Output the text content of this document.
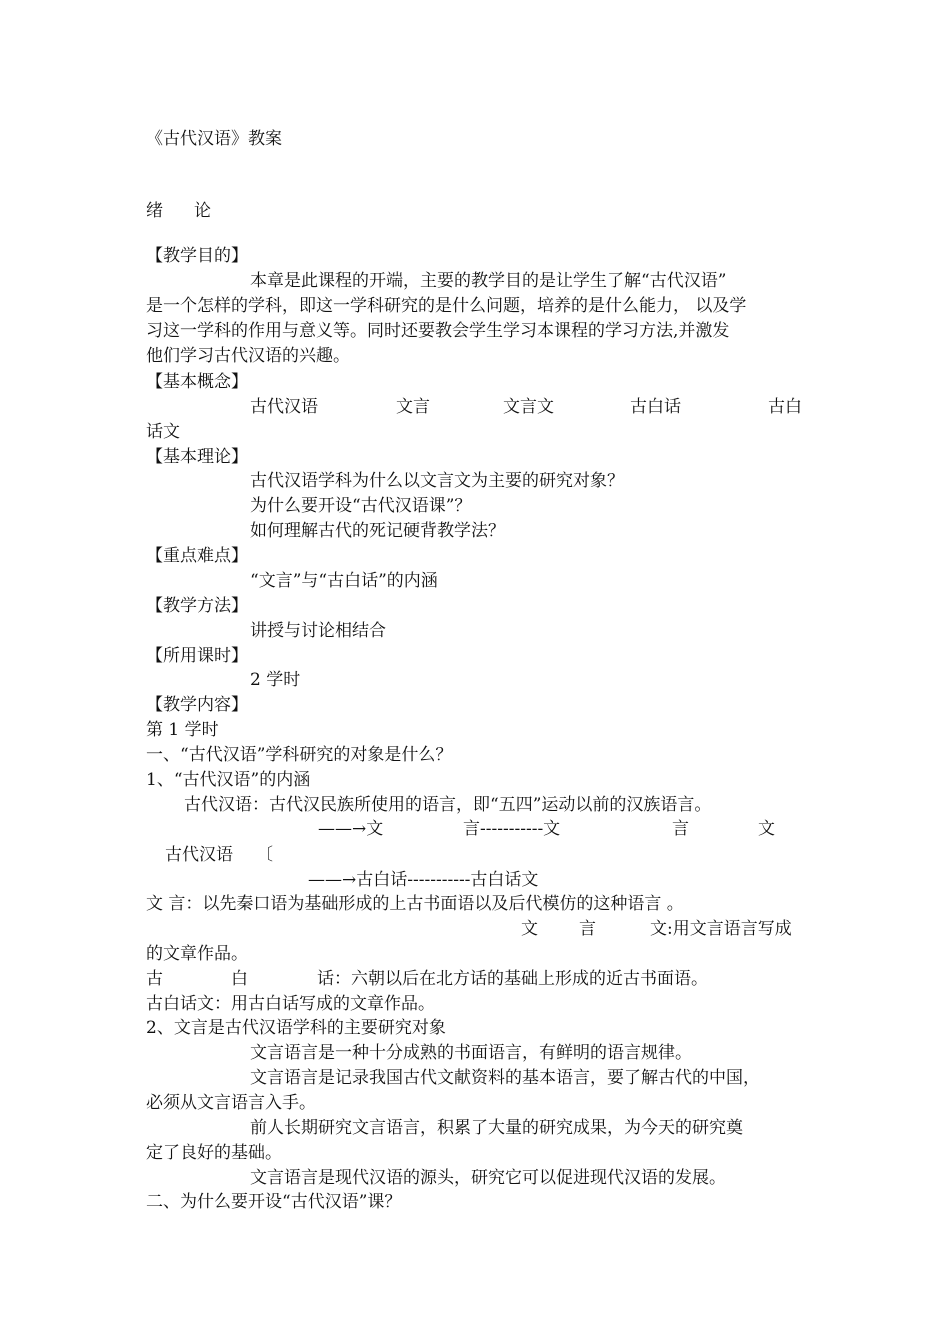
《古代汉语》教案
绪 论
【教学目的】
本章是此课程的开端，主要的教学目的是让学生了解“古代汉语”
是一个怎样的学科，即这一学科研究的是什么问题，培养的是什么能力， 以及学
习这一学科的作用与意义等。同时还要教会学生学习本课程的学习方法,并激发
他们学习古代汉语的兴趣。
【基本概念】
古代汉语	文言	文言文	古白话	古白
话文
【基本理论】
古代汉语学科为什么以文言文为主要的研究对象？
为什么要开设“古代汉语课”？
如何理解古代的死记硬背教学法？
【重点难点】
“文言”与“古白话”的内涵
【教学方法】
讲授与讨论相结合
【所用课时】
2 学时
【教学内容】
第 1 学时
一、“古代汉语”学科研究的对象是什么？
1、“古代汉语”的内涵
古代汉语：古代汉民族所使用的语言，即“五四”运动以前的汉族语言。
——→文	言-----------文	言	文
古代汉语 〔
——→古白话-----------古白话文
文 言：以先秦口语为基础形成的上古书面语以及后代模仿的这种语言 。
文 言	文:用文言语言写成
的文章作品。
古	白	话：六朝以后在北方话的基础上形成的近古书面语。
古白话文：用古白话写成的文章作品。
2、文言是古代汉语学科的主要研究对象
文言语言是一种十分成熟的书面语言，有鲜明的语言规律。
文言语言是记录我国古代文献资料的基本语言，要了解古代的中国，
必须从文言语言入手。
前人长期研究文言语言，积累了大量的研究成果，为今天的研究奠
定了良好的基础。
文言语言是现代汉语的源头，研究它可以促进现代汉语的发展。
二、为什么要开设“古代汉语”课？
